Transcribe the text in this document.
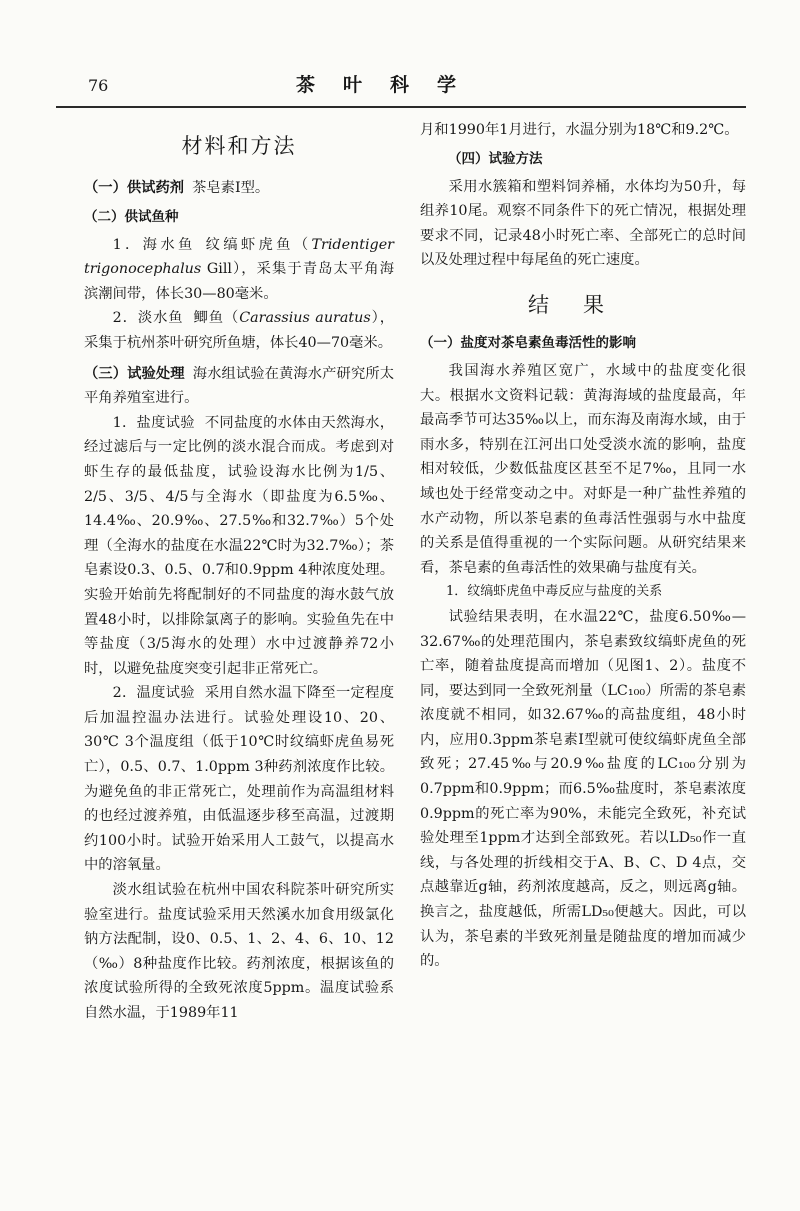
76	茶叶科学
材料和方法

（一）供试药剂 茶皂素Ⅰ型。

（二）供试鱼种

1．海水鱼 纹缟虾虎鱼（Tridentiger trigonocephalus Gill），采集于青岛太平角海滨潮间带，体长30—80毫米。

2．淡水鱼 鲫鱼（Carassius auratus），采集于杭州茶叶研究所鱼塘，体长40—70毫米。

（三）试验处理 海水组试验在黄海水产研究所太平角养殖室进行。

1．盐度试验 不同盐度的水体由天然海水，经过滤后与一定比例的淡水混合而成。考虑到对虾生存的最低盐度，试验设海水比例为1/5、2/5、3/5、4/5与全海水（即盐度为6.5‰、14.4‰、20.9‰、27.5‰和32.7‰）5个处理（全海水的盐度在水温22℃时为32.7‰）；茶皂素设0.3、0.5、0.7和0.9ppm 4种浓度处理。实验开始前先将配制好的不同盐度的海水鼓气放置48小时，以排除氯离子的影响。实验鱼先在中等盐度（3/5海水的处理）水中过渡静养72小时，以避免盐度突变引起非正常死亡。

2．温度试验 采用自然水温下降至一定程度后加温控温办法进行。试验处理设10、20、30℃ 3个温度组（低于10℃时纹缟虾虎鱼易死亡），0.5、0.7、1.0ppm 3种药剂浓度作比较。为避免鱼的非正常死亡，处理前作为高温组材料的也经过渡养殖，由低温逐步移至高温，过渡期约100小时。试验开始采用人工鼓气，以提高水中的溶氧量。

淡水组试验在杭州中国农科院茶叶研究所实验室进行。盐度试验采用天然溪水加食用级氯化钠方法配制，设0、0.5、1、2、4、6、10、12（‰）8种盐度作比较。药剂浓度，根据该鱼的浓度试验所得的全致死浓度5ppm。温度试验系自然水温，于1989年11

月和1990年1月进行，水温分别为18℃和9.2℃。

（四）试验方法

采用水簇箱和塑料饲养桶，水体均为50升，每组养10尾。观察不同条件下的死亡情况，根据处理要求不同，记录48小时死亡率、全部死亡的总时间以及处理过程中每尾鱼的死亡速度。

结果
（一）盐度对茶皂素鱼毒活性的影响

我国海水养殖区宽广，水域中的盐度变化很大。根据水文资料记载：黄海海域的盐度最高，年最高季节可达35‰以上，而东海及南海水域，由于雨水多，特别在江河出口处受淡水流的影响，盐度相对较低，少数低盐度区甚至不足7‰，且同一水域也处于经常变动之中。对虾是一种广盐性养殖的水产动物，所以茶皂素的鱼毒活性强弱与水中盐度的关系是值得重视的一个实际问题。从研究结果来看，茶皂素的鱼毒活性的效果确与盐度有关。

1．纹缟虾虎鱼中毒反应与盐度的关系

试验结果表明，在水温22℃，盐度6.50‰—32.67‰的处理范围内，茶皂素致纹缟虾虎鱼的死亡率，随着盐度提高而增加（见图1、2）。盐度不同，要达到同一全致死剂量（LC₁₀₀）所需的茶皂素浓度就不相同，如32.67‰的高盐度组，48小时内，应用0.3ppm茶皂素Ⅰ型就可使纹缟虾虎鱼全部致死；27.45‰与20.9‰盐度的LC₁₀₀分别为0.7ppm和0.9ppm；而6.5‰盐度时，茶皂素浓度0.9ppm的死亡率为90%，未能完全致死，补充试验处理至1ppm才达到全部致死。若以LD₅₀作一直线，与各处理的折线相交于A、B、C、D 4点，交点越靠近g轴，药剂浓度越高，反之，则远离g轴。换言之，盐度越低，所需LD₅₀便越大。因此，可以认为，茶皂素的半致死剂量是随盐度的增加而减少的。
